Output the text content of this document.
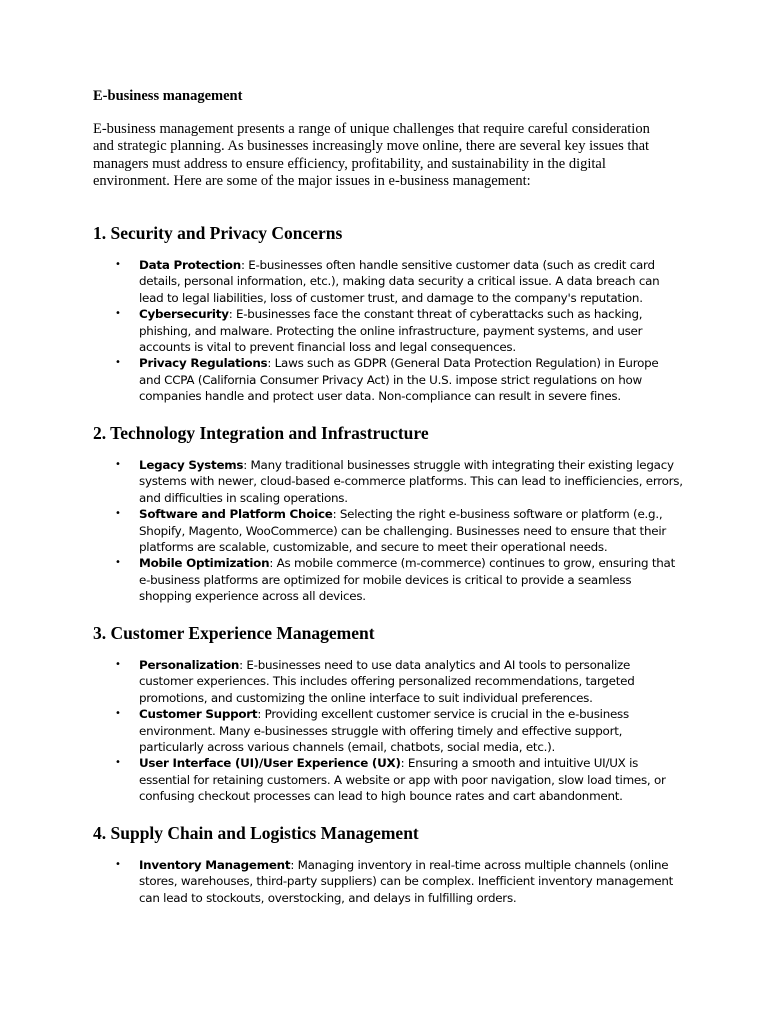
E-business management

E-business management presents a range of unique challenges that require careful consideration and strategic planning. As businesses increasingly move online, there are several key issues that managers must address to ensure efficiency, profitability, and sustainability in the digital environment. Here are some of the major issues in e-business management:

1. Security and Privacy Concerns
• Data Protection: E-businesses often handle sensitive customer data (such as credit card details, personal information, etc.), making data security a critical issue. A data breach can lead to legal liabilities, loss of customer trust, and damage to the company's reputation.
• Cybersecurity: E-businesses face the constant threat of cyberattacks such as hacking, phishing, and malware. Protecting the online infrastructure, payment systems, and user accounts is vital to prevent financial loss and legal consequences.
• Privacy Regulations: Laws such as GDPR (General Data Protection Regulation) in Europe and CCPA (California Consumer Privacy Act) in the U.S. impose strict regulations on how companies handle and protect user data. Non-compliance can result in severe fines.
2. Technology Integration and Infrastructure
• Legacy Systems: Many traditional businesses struggle with integrating their existing legacy systems with newer, cloud-based e-commerce platforms. This can lead to inefficiencies, errors, and difficulties in scaling operations.
• Software and Platform Choice: Selecting the right e-business software or platform (e.g., Shopify, Magento, WooCommerce) can be challenging. Businesses need to ensure that their platforms are scalable, customizable, and secure to meet their operational needs.
• Mobile Optimization: As mobile commerce (m-commerce) continues to grow, ensuring that e-business platforms are optimized for mobile devices is critical to provide a seamless shopping experience across all devices.
3. Customer Experience Management
• Personalization: E-businesses need to use data analytics and AI tools to personalize customer experiences. This includes offering personalized recommendations, targeted promotions, and customizing the online interface to suit individual preferences.
• Customer Support: Providing excellent customer service is crucial in the e-business environment. Many e-businesses struggle with offering timely and effective support, particularly across various channels (email, chatbots, social media, etc.).
• User Interface (UI)/User Experience (UX): Ensuring a smooth and intuitive UI/UX is essential for retaining customers. A website or app with poor navigation, slow load times, or confusing checkout processes can lead to high bounce rates and cart abandonment.
4. Supply Chain and Logistics Management
• Inventory Management: Managing inventory in real-time across multiple channels (online stores, warehouses, third-party suppliers) can be complex. Inefficient inventory management can lead to stockouts, overstocking, and delays in fulfilling orders.
